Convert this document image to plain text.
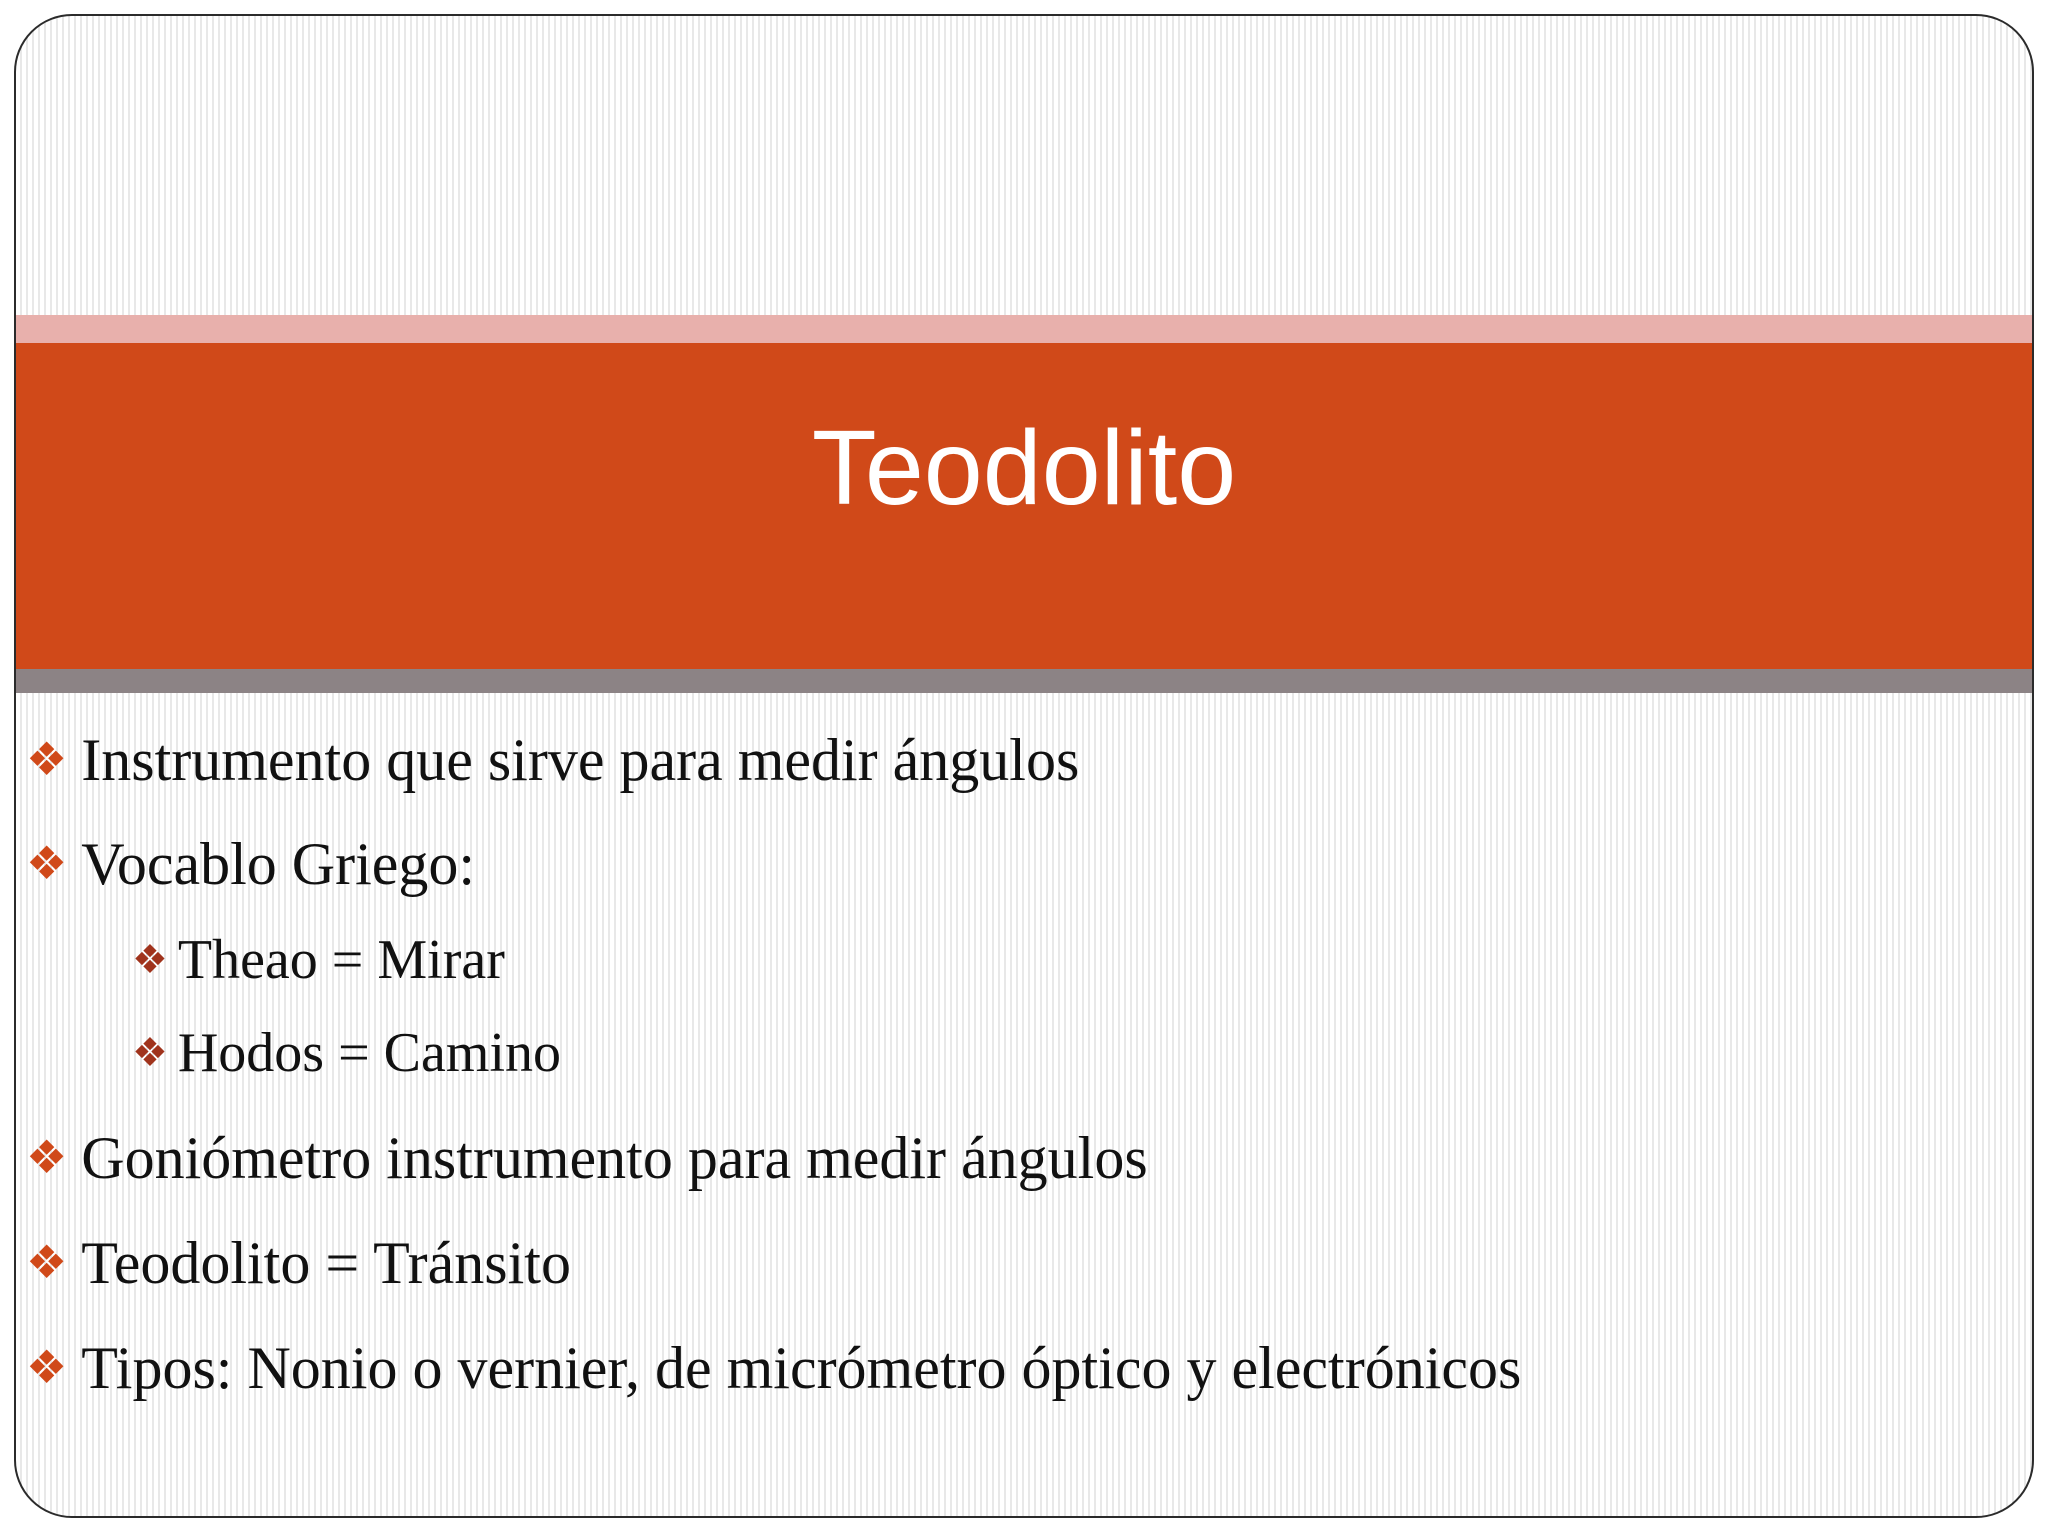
Teodolito
❖ Instrumento que sirve para medir ángulos
❖ Vocablo Griego:
❖ Theao = Mirar
❖ Hodos = Camino
❖ Goniómetro instrumento para medir ángulos
❖ Teodolito = Tránsito
❖ Tipos: Nonio o vernier, de micrómetro óptico y electrónicos
